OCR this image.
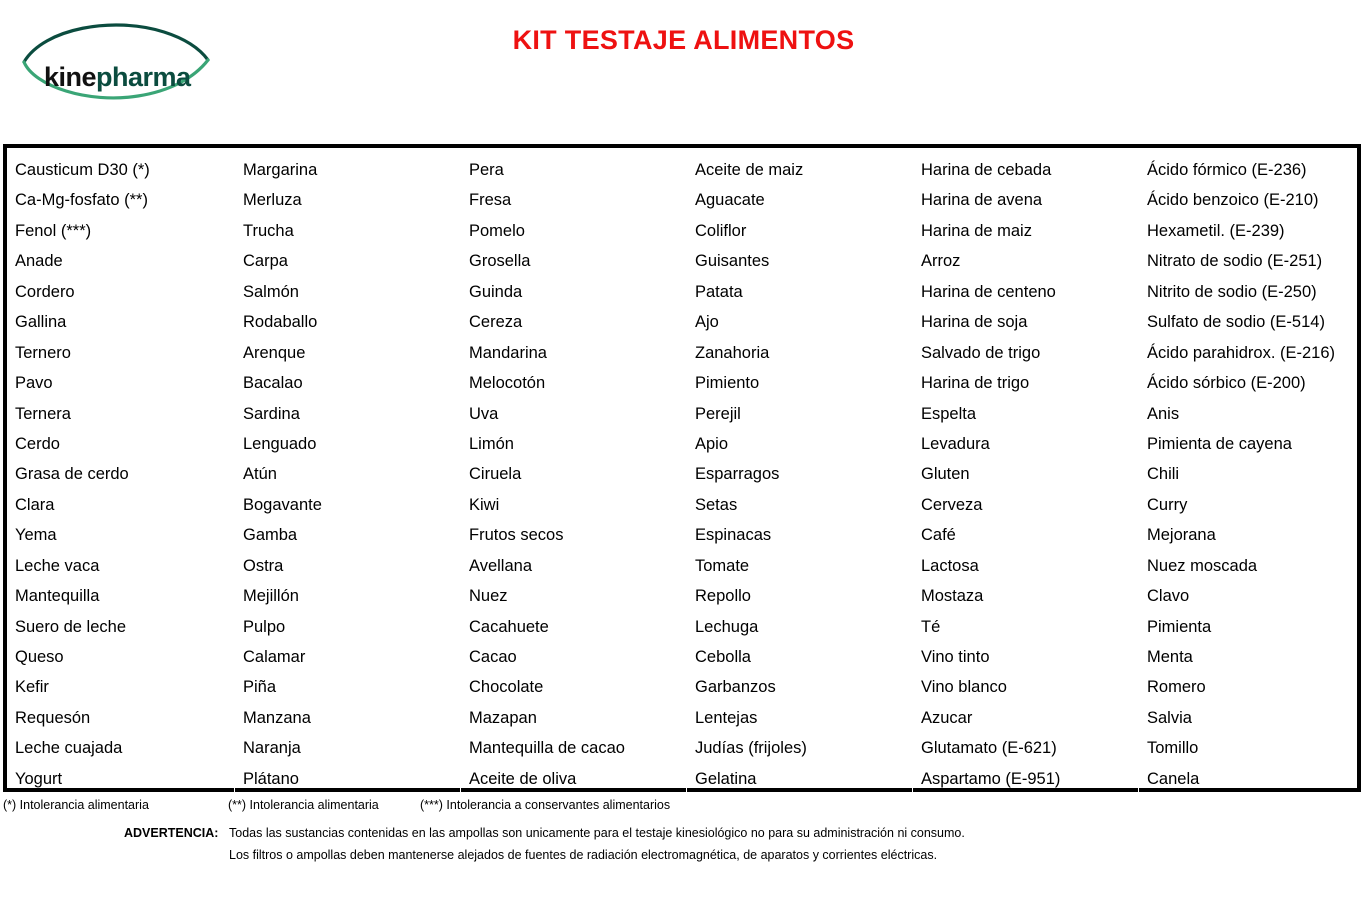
kinepharma
KIT TESTAJE ALIMENTOS
Causticum D30 (*)
Ca-Mg-fosfato (**)
Fenol (***)
Anade
Cordero
Gallina
Ternero
Pavo
Ternera
Cerdo
Grasa de cerdo
Clara
Yema
Leche vaca
Mantequilla
Suero de leche
Queso
Kefir
Requesón
Leche cuajada
Yogurt
Margarina
Merluza
Trucha
Carpa
Salmón
Rodaballo
Arenque
Bacalao
Sardina
Lenguado
Atún
Bogavante
Gamba
Ostra
Mejillón
Pulpo
Calamar
Piña
Manzana
Naranja
Plátano
Pera
Fresa
Pomelo
Grosella
Guinda
Cereza
Mandarina
Melocotón
Uva
Limón
Ciruela
Kiwi
Frutos secos
Avellana
Nuez
Cacahuete
Cacao
Chocolate
Mazapan
Mantequilla de cacao
Aceite de oliva
Aceite de maiz
Aguacate
Coliflor
Guisantes
Patata
Ajo
Zanahoria
Pimiento
Perejil
Apio
Esparragos
Setas
Espinacas
Tomate
Repollo
Lechuga
Cebolla
Garbanzos
Lentejas
Judías (frijoles)
Gelatina
Harina de cebada
Harina de avena
Harina de maiz
Arroz
Harina de centeno
Harina de soja
Salvado de trigo
Harina de trigo
Espelta
Levadura
Gluten
Cerveza
Café
Lactosa
Mostaza
Té
Vino tinto
Vino blanco
Azucar
Glutamato (E-621)
Aspartamo (E-951)
Ácido fórmico (E-236)
Ácido benzoico (E-210)
Hexametil. (E-239)
Nitrato de sodio (E-251)
Nitrito de sodio (E-250)
Sulfato de sodio (E-514)
Ácido parahidrox. (E-216)
Ácido sórbico (E-200)
Anis
Pimienta de cayena
Chili
Curry
Mejorana
Nuez moscada
Clavo
Pimienta
Menta
Romero
Salvia
Tomillo
Canela
(*) Intolerancia alimentaria	(**) Intolerancia alimentaria	(***) Intolerancia a conservantes alimentarios
ADVERTENCIA: Todas las sustancias contenidas en las ampollas son unicamente para el testaje kinesiológico no para su administración ni consumo.
Los filtros o ampollas deben mantenerse alejados de fuentes de radiación electromagnética, de aparatos y corrientes eléctricas.
